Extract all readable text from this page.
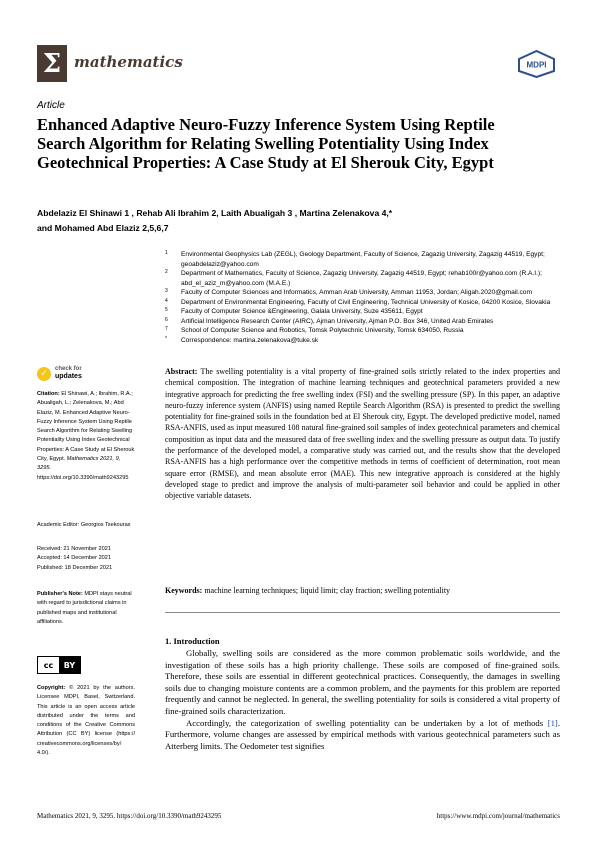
Σ mathematics	MDPI
Article
Enhanced Adaptive Neuro-Fuzzy Inference System Using Reptile Search Algorithm for Relating Swelling Potentiality Using Index Geotechnical Properties: A Case Study at El Sherouk City, Egypt
Abdelaziz El Shinawi 1 , Rehab Ali Ibrahim 2, Laith Abualigah 3 , Martina Zelenakova 4,*
and Mohamed Abd Elaziz 2,5,6,7
1 Environmental Geophysics Lab (ZEGL), Geology Department, Faculty of Science, Zagazig University, Zagazig 44519, Egypt; geoabdelaziz@yahoo.com
2 Department of Mathematics, Faculty of Science, Zagazig University, Zagazig 44519, Egypt; rehab100r@yahoo.com (R.A.I.); abd_el_aziz_m@yahoo.com (M.A.E.)
3 Faculty of Computer Sciences and Informatics, Amman Arab University, Amman 11953, Jordan; Aligah.2020@gmail.com
4 Department of Environmental Engineering, Faculty of Civil Engineering, Technical University of Kosice, 04200 Kosice, Slovakia
5 Faculty of Computer Science &Engineering, Galala University, Suze 435611, Egypt
6 Artificial Intelligence Research Center (AIRC), Ajman University, Ajman P.O. Box 346, United Arab Emirates
7 School of Computer Science and Robotics, Tomsk Polytechnic University, Tomsk 634050, Russia
* Correspondence: martina.zelenakova@tuke.sk
✓	check for
updates
Citation: El Shinawi, A.; Ibrahim, R.A.; Abualigah, L.; Zelenakova, M.; Abd Elaziz, M. Enhanced Adaptive Neuro-Fuzzy Inference System Using Reptile Search Algorithm for Relating Swelling Potentiality Using Index Geotechnical Properties: A Case Study at El Sherouk City, Egypt. Mathematics 2021, 9, 3295. https://doi.org/10.3390/math9243295
Academic Editor: Georgios Tsekouras
Received: 21 November 2021
Accepted: 14 December 2021
Published: 18 December 2021
Publisher's Note: MDPI stays neutral with regard to jurisdictional claims in published maps and institutional affiliations.
cc	BY
Copyright: © 2021 by the authors. Licensee MDPI, Basel, Switzerland. This article is an open access article distributed under the terms and conditions of the Creative Commons Attribution (CC BY) license (https:// creativecommons.org/licenses/by/ 4.0/).
Abstract: The swelling potentiality is a vital property of fine-grained soils strictly related to the index properties and chemical composition. The integration of machine learning techniques and geotechnical parameters provided a new integrative approach for predicting the free swelling index (FSI) and the swelling pressure (SP). In this paper, an adaptive neuro-fuzzy inference system (ANFIS) using named Reptile Search Algorithm (RSA) is presented to predict the swelling potentiality for fine-grained soils in the foundation bed at El Sherouk city, Egypt. The developed predictive model, named RSA-ANFIS, used as input measured 108 natural fine-grained soil samples of index geotechnical parameters and chemical composition as input data and the measured data of free swelling index and the swelling pressure as output data. To justify the performance of the developed model, a comparative study was carried out, and the results show that the developed RSA-ANFIS has a high performance over the competitive methods in terms of coefficient of determination, root mean square error (RMSE), and mean absolute error (MAE). This new integrative approach is considered at the highly developed stage to predict and improve the analysis of multi-parameter soil behavior and could be applied in other objective variable datasets.
Keywords: machine learning techniques; liquid limit; clay fraction; swelling potentiality
1. Introduction

Globally, swelling soils are considered as the more common problematic soils worldwide, and the investigation of these soils has a high priority challenge. These soils are composed of fine-grained soils. Therefore, these soils are essential in different geotechnical practices. Consequently, the damages in swelling soils due to changing moisture contents are a common problem, and the payments for this problem are reported frequently and cannot be neglected. In general, the swelling potentiality for soils is considered a vital property of fine-grained soils characterization.

Accordingly, the categorization of swelling potentiality can be undertaken by a lot of methods [1]. Furthermore, volume changes are assessed by empirical methods with various geotechnical parameters such as Atterberg limits. The Oedometer test signifies

Mathematics 2021, 9, 3295. https://doi.org/10.3390/math9243295	https://www.mdpi.com/journal/mathematics
